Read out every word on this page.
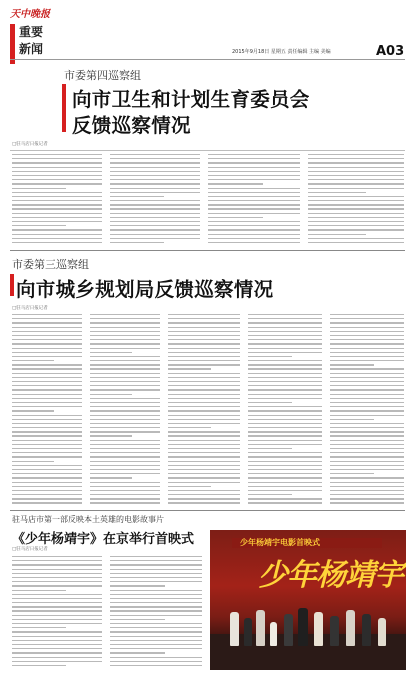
天中晚报
重要
新闻	2015年9月18日 星期五 责任编辑 主编 美编	A03
市委第四巡察组
向市卫生和计划生育委员会
反馈巡察情况
□驻马店日报记者
市委第三巡察组
向市城乡规划局反馈巡察情况
□驻马店日报记者
驻马店市第一部反映本土英雄的电影故事片
《少年杨靖宇》在京举行首映式
□驻马店日报记者
少年杨靖宇电影首映式
少年杨靖宇
